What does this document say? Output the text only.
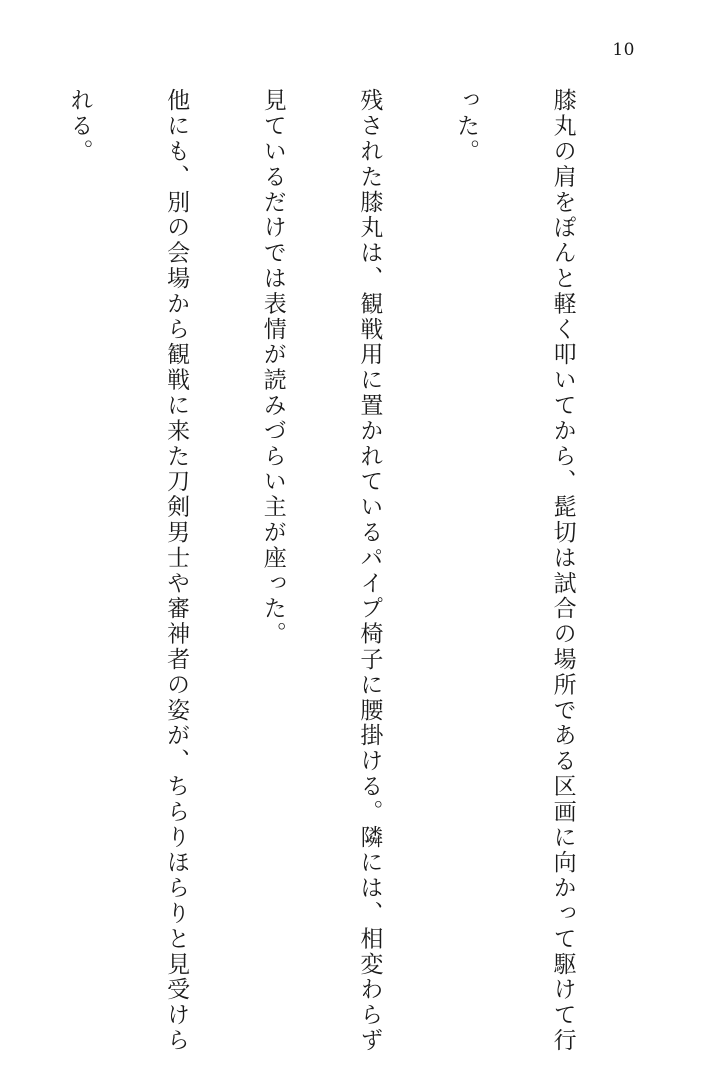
10

膝丸の肩をぽんと軽く叩いてから、髭切は試合の場所である区画に向かって駆けて行

った。

残された膝丸は、観戦用に置かれているパイプ椅子に腰掛ける。隣には、相変わらず

見ているだけでは表情が読みづらい主が座った。

他にも、別の会場から観戦に来た刀剣男士や審神者の姿が、ちらりほらりと見受けら

れる。
